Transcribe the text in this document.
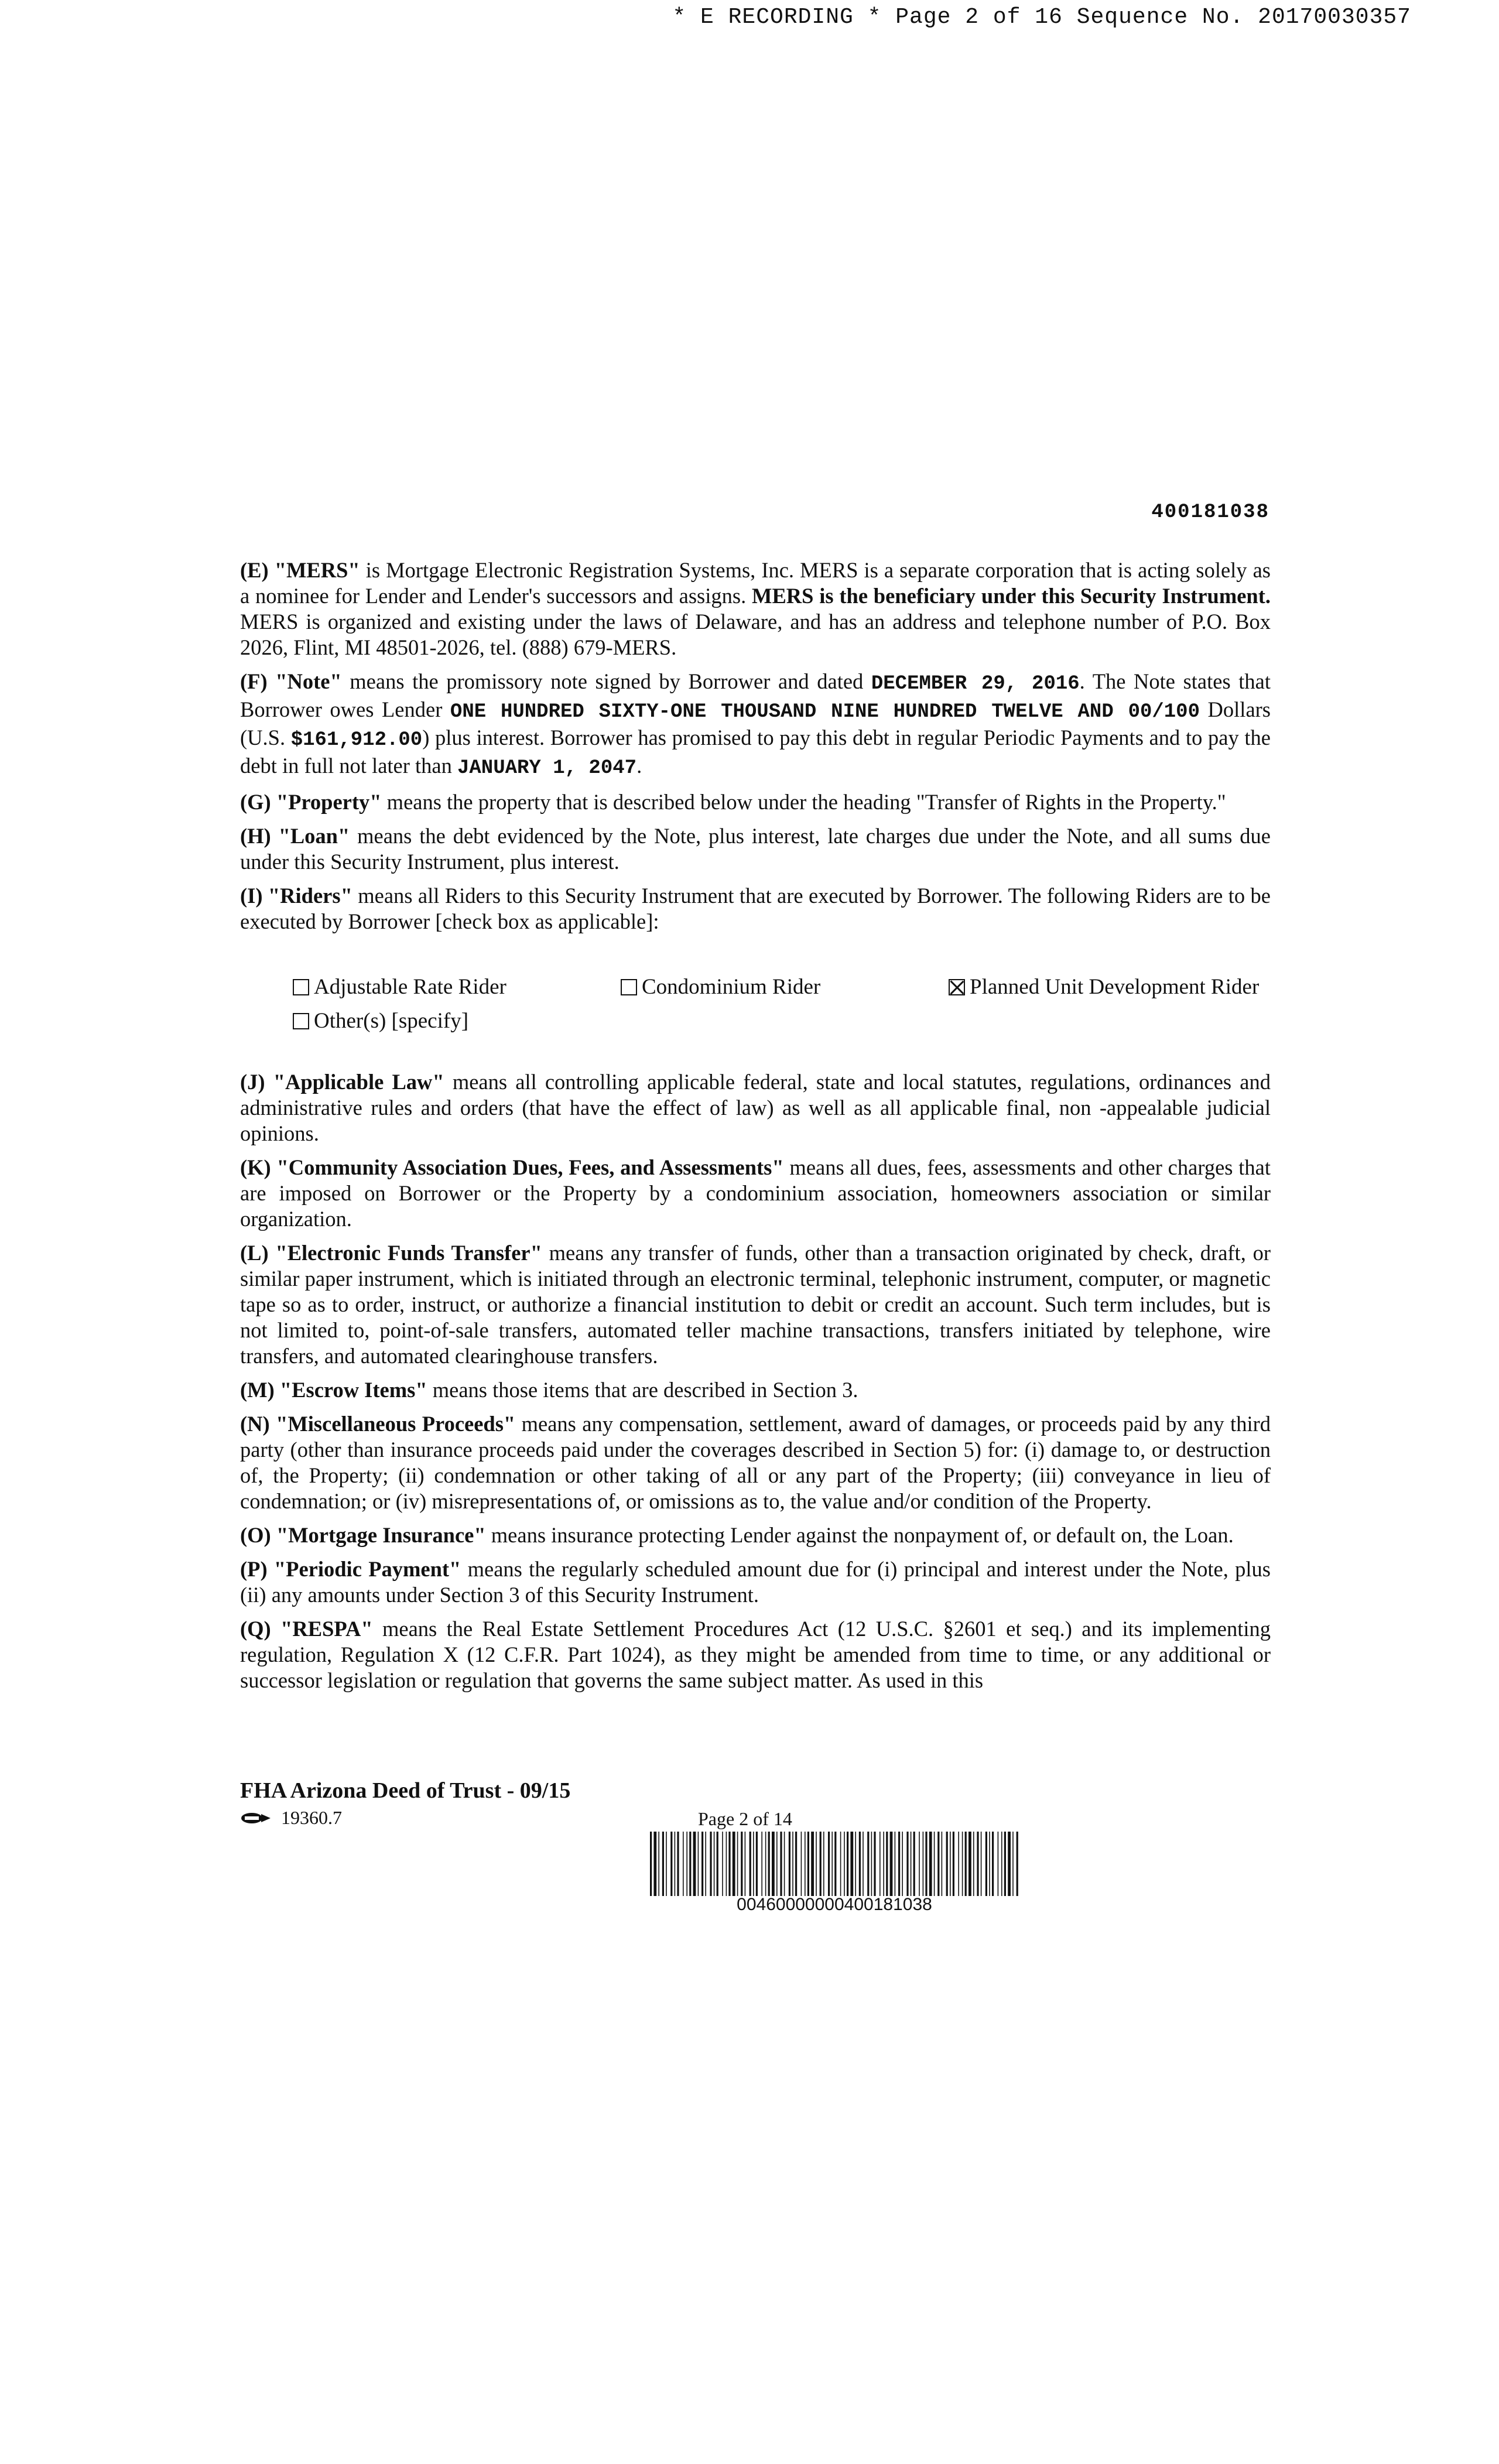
* E RECORDING * Page 2 of 16 Sequence No. 20170030357
400181038

(E) "MERS" is Mortgage Electronic Registration Systems, Inc. MERS is a separate corporation that is acting solely as a nominee for Lender and Lender's successors and assigns. MERS is the beneficiary under this Security Instrument. MERS is organized and existing under the laws of Delaware, and has an address and telephone number of P.O. Box 2026, Flint, MI 48501-2026, tel. (888) 679-MERS.

(F) "Note" means the promissory note signed by Borrower and dated DECEMBER 29, 2016. The Note states that Borrower owes Lender ONE HUNDRED SIXTY-ONE THOUSAND NINE HUNDRED TWELVE AND 00/100 Dollars (U.S. $161,912.00) plus interest. Borrower has promised to pay this debt in regular Periodic Payments and to pay the debt in full not later than JANUARY 1, 2047.

(G) "Property" means the property that is described below under the heading "Transfer of Rights in the Property."

(H) "Loan" means the debt evidenced by the Note, plus interest, late charges due under the Note, and all sums due under this Security Instrument, plus interest.

(I) "Riders" means all Riders to this Security Instrument that are executed by Borrower. The following Riders are to be executed by Borrower [check box as applicable]:

Adjustable Rate Rider	Condominium Rider	Planned Unit Development Rider
Other(s) [specify]

(J) "Applicable Law" means all controlling applicable federal, state and local statutes, regulations, ordinances and administrative rules and orders (that have the effect of law) as well as all applicable final, non -appealable judicial opinions.

(K) "Community Association Dues, Fees, and Assessments" means all dues, fees, assessments and other charges that are imposed on Borrower or the Property by a condominium association, homeowners association or similar organization.

(L) "Electronic Funds Transfer" means any transfer of funds, other than a transaction originated by check, draft, or similar paper instrument, which is initiated through an electronic terminal, telephonic instrument, computer, or magnetic tape so as to order, instruct, or authorize a financial institution to debit or credit an account. Such term includes, but is not limited to, point-of-sale transfers, automated teller machine transactions, transfers initiated by telephone, wire transfers, and automated clearinghouse transfers.

(M) "Escrow Items" means those items that are described in Section 3.

(N) "Miscellaneous Proceeds" means any compensation, settlement, award of damages, or proceeds paid by any third party (other than insurance proceeds paid under the coverages described in Section 5) for: (i) damage to, or destruction of, the Property; (ii) condemnation or other taking of all or any part of the Property; (iii) conveyance in lieu of condemnation; or (iv) misrepresentations of, or omissions as to, the value and/or condition of the Property.

(O) "Mortgage Insurance" means insurance protecting Lender against the nonpayment of, or default on, the Loan.

(P) "Periodic Payment" means the regularly scheduled amount due for (i) principal and interest under the Note, plus (ii) any amounts under Section 3 of this Security Instrument.

(Q) "RESPA" means the Real Estate Settlement Procedures Act (12 U.S.C. §2601 et seq.) and its implementing regulation, Regulation X (12 C.F.R. Part 1024), as they might be amended from time to time, or any additional or successor legislation or regulation that governs the same subject matter. As used in this

FHA Arizona Deed of Trust - 09/15
19360.7	Page 2 of 14
00460000000400181038
